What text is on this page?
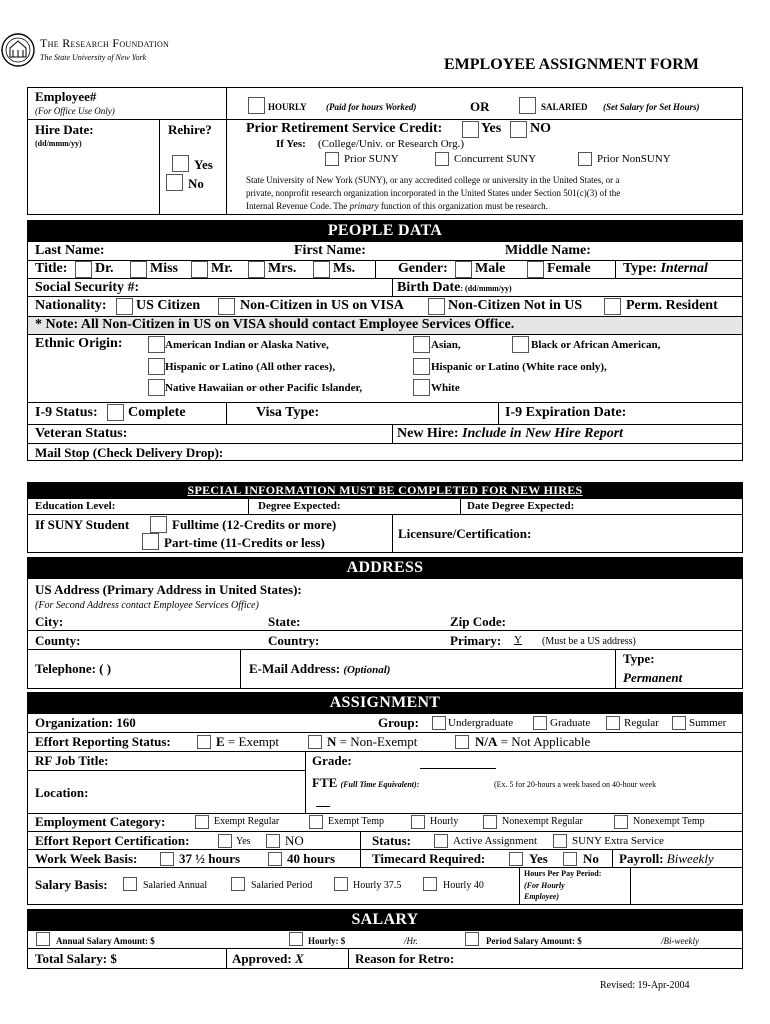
The Research Foundation
The State University of New York	EMPLOYEE ASSIGNMENT FORM
Employee#
(For Office Use Only)	HOURLY (Paid for hours Worked)	OR	SALARIED (Set Salary for Set Hours)
Hire Date:
(dd/mmm/yy)
Rehire?
Yes
No
Prior Retirement Service Credit:	Yes NO
If Yes: (College/Univ. or Research Org.)
Prior SUNY	Concurrent SUNY	Prior NonSUNY
State University of New York (SUNY), or any accredited college or university in the United States, or a
private, nonprofit research organization incorporated in the United States under Section 501(c)(3) of the
Internal Revenue Code. The primary function of this organization must be research.
PEOPLE DATA
Last Name:	First Name:	Middle Name:
Title: Dr.	Miss Mr.	Mrs.	Ms.	Gender: Male	Female Type: Internal
Social Security #:	Birth Date: (dd/mmm/yy)
Nationality: US Citizen	Non-Citizen in US on VISA	Non-Citizen Not in US	Perm. Resident
* Note: All Non-Citizen in US on VISA should contact Employee Services Office.
Ethnic Origin:	American Indian or Alaska Native,	Asian,	Black or African American,
Hispanic or Latino (All other races),	Hispanic or Latino (White race only),
Native Hawaiian or other Pacific Islander,	White
I-9 Status: Complete	Visa Type:	I-9 Expiration Date:
Veteran Status:	New Hire: Include in New Hire Report
Mail Stop (Check Delivery Drop):
SPECIAL INFORMATION MUST BE COMPLETED FOR NEW HIRES
Education Level:	Degree Expected:	Date Degree Expected:
If SUNY Student	Fulltime (12-Credits or more)
Part-time (11-Credits or less)
Licensure/Certification:
ADDRESS
US Address (Primary Address in United States):
(For Second Address contact Employee Services Office)
City:	State:	Zip Code:
County:	Country:	Primary: Y (Must be a US address)
Telephone: ( )	E-Mail Address: (Optional)
Type:
Permanent
ASSIGNMENT
Organization: 160	Group:	Undergraduate	Graduate	Regular	Summer
Effort Reporting Status:	E = Exempt	N = Non-Exempt	N/A = Not Applicable
RF Job Title:	Grade:
Location:
FTE (Full Time Equivalent):	(Ex. 5 for 20-hours a week based on 40-hour week
Employment Category:	Exempt Regular	Exempt Temp	Hourly	Nonexempt Regular	Nonexempt Temp
Effort Report Certification:	Yes	NO	Status:	Active Assignment	SUNY Extra Service
Work Week Basis:	37 ½ hours	40 hours	Timecard Required:	Yes	No Payroll: Biweekly
Salary Basis:	Salaried Annual	Salaried Period	Hourly 37.5	Hourly 40
Hours Per Pay Period:
(For Hourly
Employee)
SALARY
Annual Salary Amount: $	Hourly: $	/Hr.	Period Salary Amount: $	/Bi-weekly
Total Salary: $	Approved: X	Reason for Retro:
Revised: 19-Apr-2004
